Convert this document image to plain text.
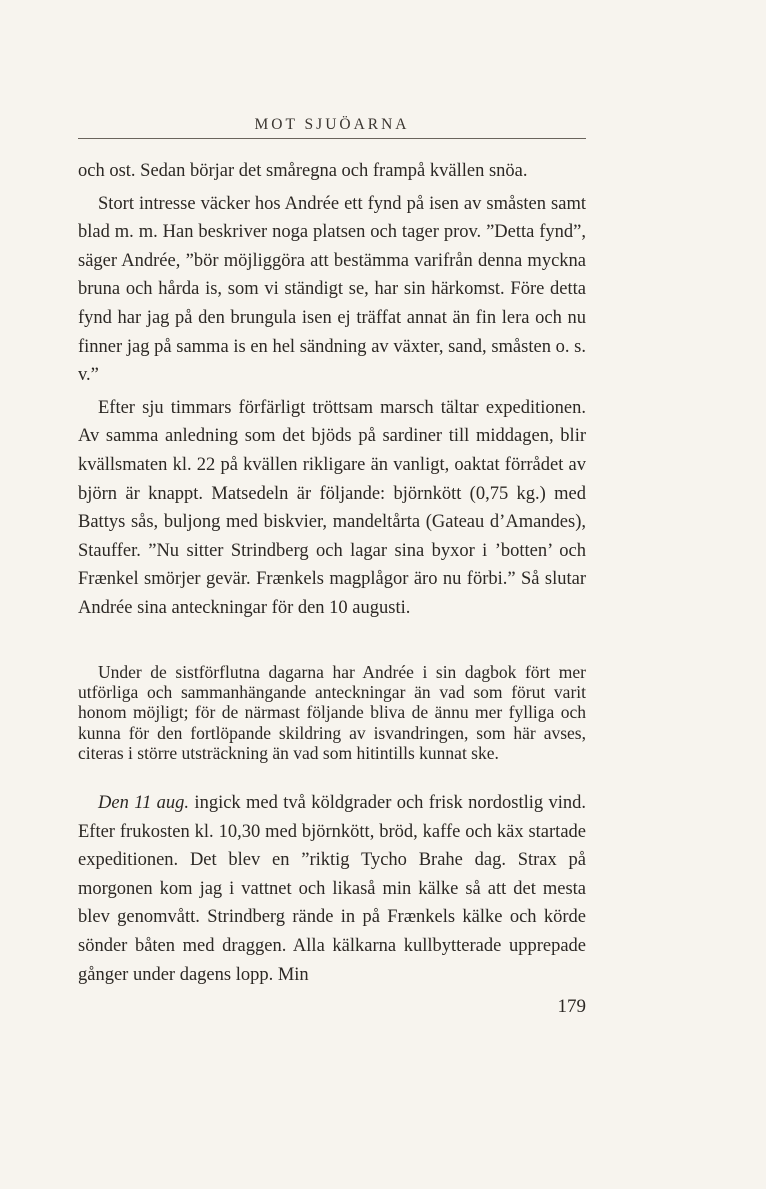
MOT SJUÖARNA

och ost. Sedan börjar det småregna och frampå kvällen snöa.

Stort intresse väcker hos Andrée ett fynd på isen av småsten samt blad m. m. Han beskriver noga platsen och tager prov. ”Detta fynd”, säger Andrée, ”bör möjliggöra att bestämma varifrån denna myckna bruna och hårda is, som vi ständigt se, har sin härkomst. Före detta fynd har jag på den brungula isen ej träffat annat än fin lera och nu finner jag på samma is en hel sändning av växter, sand, småsten o. s. v.”

Efter sju timmars förfärligt tröttsam marsch tältar expeditionen. Av samma anledning som det bjöds på sardiner till middagen, blir kvällsmaten kl. 22 på kvällen rikligare än vanligt, oaktat förrådet av björn är knappt. Matsedeln är följande: björnkött (0,75 kg.) med Battys sås, buljong med biskvier, mandeltårta (Gateau d’Amandes), Stauffer. ”Nu sitter Strindberg och lagar sina byxor i ’botten’ och Frænkel smörjer gevär. Frænkels magplågor äro nu förbi.” Så slutar Andrée sina anteckningar för den 10 augusti.

Under de sistförflutna dagarna har Andrée i sin dagbok fört mer utförliga och sammanhängande anteckningar än vad som förut varit honom möjligt; för de närmast följande bliva de ännu mer fylliga och kunna för den fortlöpande skildring av isvandringen, som här avses, citeras i större utsträckning än vad som hitintills kunnat ske.

Den 11 aug. ingick med två köldgrader och frisk nordostlig vind. Efter frukosten kl. 10,30 med björnkött, bröd, kaffe och käx startade expeditionen. Det blev en ”riktig Tycho Brahe dag. Strax på morgonen kom jag i vattnet och likaså min kälke så att det mesta blev genomvått. Strindberg rände in på Frænkels kälke och körde sönder båten med draggen. Alla kälkarna kullbytterade upprepade gånger under dagens lopp. Min

179
